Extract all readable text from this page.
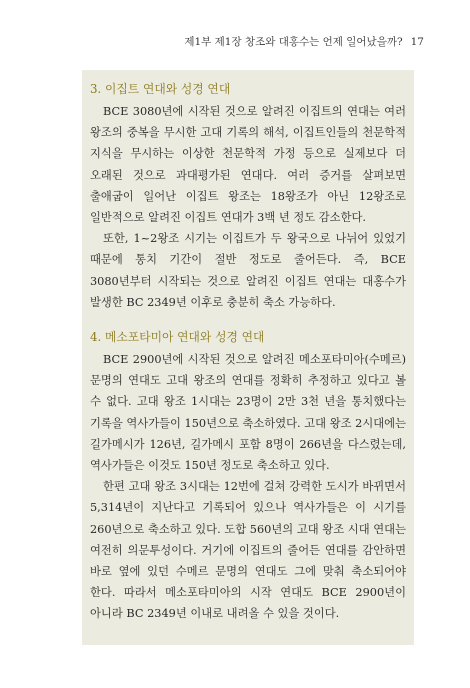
제1부 제1장 창조와 대홍수는 언제 일어났을까? 17
3. 이집트 연대와 성경 연대

BCE 3080년에 시작된 것으로 알려진 이집트의 연대는 여러 왕조의 중복을 무시한 고대 기록의 해석, 이집트인들의 천문학적 지식을 무시하는 이상한 천문학적 가정 등으로 실제보다 더 오래된 것으로 과대평가된 연대다. 여러 증거를 살펴보면 출애굽이 일어난 이집트 왕조는 18왕조가 아닌 12왕조로 일반적으로 알려진 이집트 연대가 3백 년 정도 감소한다.

또한, 1~2왕조 시기는 이집트가 두 왕국으로 나뉘어 있었기 때문에 통치 기간이 절반 정도로 줄어든다. 즉, BCE 3080년부터 시작되는 것으로 알려진 이집트 연대는 대홍수가 발생한 BC 2349년 이후로 충분히 축소 가능하다.

4. 메소포타미아 연대와 성경 연대

BCE 2900년에 시작된 것으로 알려진 메소포타미아(수메르) 문명의 연대도 고대 왕조의 연대를 정확히 추정하고 있다고 볼 수 없다. 고대 왕조 1시대는 23명이 2만 3천 년을 통치했다는 기록을 역사가들이 150년으로 축소하였다. 고대 왕조 2시대에는 길가메시가 126년, 길가메시 포함 8명이 266년을 다스렸는데, 역사가들은 이것도 150년 정도로 축소하고 있다.

한편 고대 왕조 3시대는 12번에 걸쳐 강력한 도시가 바뀌면서 5,314년이 지난다고 기록되어 있으나 역사가들은 이 시기를 260년으로 축소하고 있다. 도합 560년의 고대 왕조 시대 연대는 여전히 의문투성이다. 거기에 이집트의 줄어든 연대를 감안하면 바로 옆에 있던 수메르 문명의 연대도 그에 맞춰 축소되어야 한다. 따라서 메소포타미아의 시작 연대도 BCE 2900년이 아니라 BC 2349년 이내로 내려올 수 있을 것이다.
